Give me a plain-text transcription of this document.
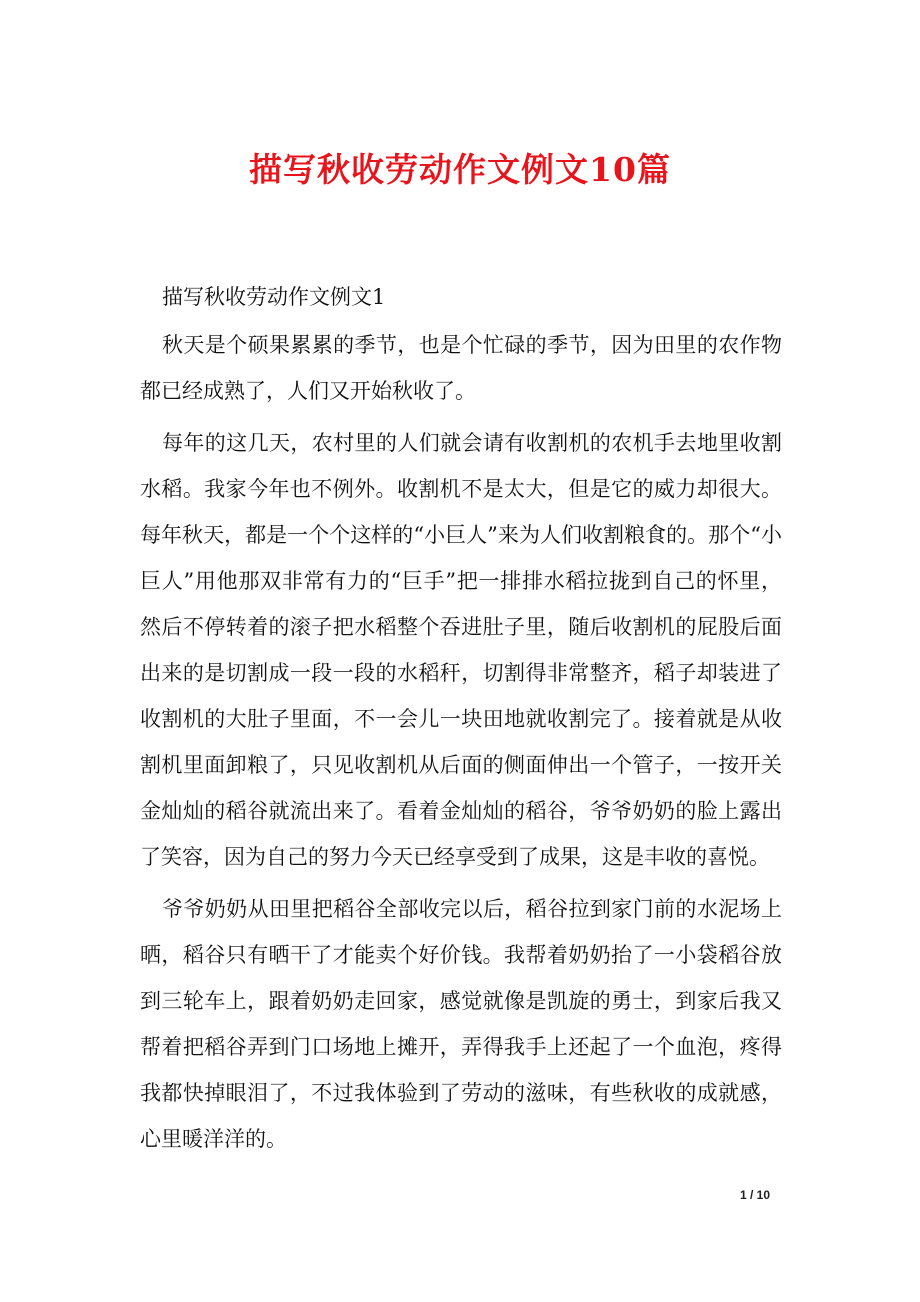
描写秋收劳动作文例文10篇
描写秋收劳动作文例文1
秋天是个硕果累累的季节，也是个忙碌的季节，因为田里的农作物
都已经成熟了，人们又开始秋收了。
每年的这几天，农村里的人们就会请有收割机的农机手去地里收割
水稻。我家今年也不例外。收割机不是太大，但是它的威力却很大。
每年秋天，都是一个个这样的“小巨人”来为人们收割粮食的。那个“小
巨人”用他那双非常有力的“巨手”把一排排水稻拉拢到自己的怀里，
然后不停转着的滚子把水稻整个吞进肚子里，随后收割机的屁股后面
出来的是切割成一段一段的水稻秆，切割得非常整齐，稻子却装进了
收割机的大肚子里面，不一会儿一块田地就收割完了。接着就是从收
割机里面卸粮了，只见收割机从后面的侧面伸出一个管子，一按开关
金灿灿的稻谷就流出来了。看着金灿灿的稻谷，爷爷奶奶的脸上露出
了笑容，因为自己的努力今天已经享受到了成果，这是丰收的喜悦。
爷爷奶奶从田里把稻谷全部收完以后，稻谷拉到家门前的水泥场上
晒，稻谷只有晒干了才能卖个好价钱。我帮着奶奶抬了一小袋稻谷放
到三轮车上，跟着奶奶走回家，感觉就像是凯旋的勇士，到家后我又
帮着把稻谷弄到门口场地上摊开，弄得我手上还起了一个血泡，疼得
我都快掉眼泪了，不过我体验到了劳动的滋味，有些秋收的成就感，
心里暖洋洋的。
1 / 10
